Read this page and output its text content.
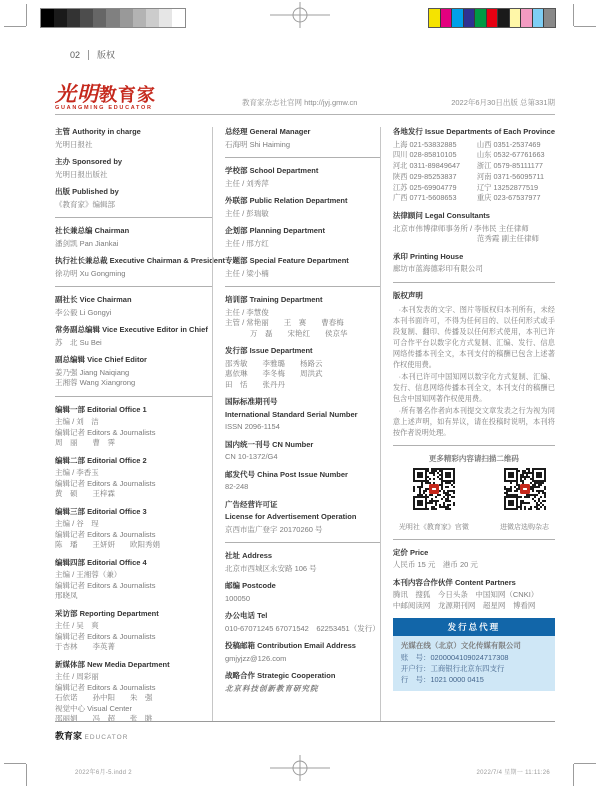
02 版权
光明 教育家
GUANGMING EDUCATOR
教育家杂志社官网 http://jyj.gmw.cn	2022年6月30日出版 总第331期
主管 Authority in charge

光明日报社

主办 Sponsored by

光明日报出版社

出版 Published by

《教育家》编辑部

社长兼总编 Chairman

潘剑凯 Pan Jiankai

执行社长兼总裁 Executive Chairman & President

徐功明 Xu Gongming

副社长 Vice Chairman

李公毅 Li Gongyi

常务副总编辑 Vice Executive Editor in Chief

苏　北 Su Bei

副总编辑 Vice Chief Editor

姜乃强 Jiang Naiqiang

王湘蓉 Wang Xiangrong

编辑一部 Editorial Office 1

主编 / 刘　洁

编辑记者 Editors & Journalists

周　丽　　曹　霁

编辑二部 Editorial Office 2

主编 / 李香玉

编辑记者 Editors & Journalists

黄　硕　　王梓霖

编辑三部 Editorial Office 3

主编 / 谷　珵

编辑记者 Editors & Journalists

陈　璠　　王妍妍　　欧阳秀娟

编辑四部 Editorial Office 4

主编 / 王湘蓉（兼）

编辑记者 Editors & Journalists

邢晓凤

采访部 Reporting Department

主任 / 吴　爽

编辑记者 Editors & Journalists

于杏林　　李英菁

新媒体部 New Media Department

主任 / 周彩丽

编辑记者 Editors & Journalists

石依诺　　孙中阳　　朱　强

视觉中心 Visual Center

邵丽娟　　冯　超　　张　眺

总经理 General Manager

石海明 Shi Haiming

学校部 School Department

主任 / 刘秀萍

外联部 Public Relation Department

主任 / 彭瑞敏

企划部 Planning Department

主任 / 邢方红

专题部 Special Feature Department

主任 / 梁小楠

培训部 Training Department

主任 / 李慧俊

主管 / 常艳丽　　王　赛　　曹春梅

万　磊　　宋艳红　　侯京华

发行部 Issue Department

邵秀敏　　李雅璐　　杨路云

惠依琳　　李冬梅　　周洪武

田　恬　　张丹丹

国际标准期刊号
International Standard Serial Number

ISSN 2096-1154

国内统一刊号 CN Number

CN 10-1372/G4

邮发代号 China Post Issue Number

82-248

广告经营许可证
License for Advertisement Operation

京西市监广登字 20170260 号

社址 Address

北京市西城区永安路 106 号

邮编 Postcode

100050

办公电话 Tel

010-67071245 67071542　62253451（发行）

投稿邮箱 Contribution Email Address

gmjyjzz@126.com

战略合作 Strategic Cooperation

北京科技创新教育研究院

各地发行 Issue Departments of Each Province
上海 021-53832885	山西 0351-2537469
四川 028-85810105	山东 0532-67761663
河北 0311-89849647	浙江 0579-85111177
陕西 029-85253837	河南 0371-56095711
江苏 025-69904779	辽宁 13252877519
广西 0771-5608653	重庆 023-67537977
法律顾问 Legal Consultants

北京市伟博律师事务所 / 李伟民 主任律师

范秀霞 副主任律师

承印 Printing House

廊坊市蓝海德彩印有限公司

版权声明

·本刊发表的文字、图片等版权归本刊所有，未经本刊书面许可，不得为任何目的、以任何形式或手段复制、翻印、传播及以任何形式使用，本刊已许可合作平台以数字化方式复制、汇编、发行、信息网络传播本刊全文，本刊支付的稿酬已包含上述著作权使用费。

·本刊已许可中国知网以数字化方式复制、汇编、发行、信息网络传播本刊全文，本刊支付的稿酬已包含中国知网著作权使用费。

·所有署名作者向本刊提交文章发表之行为视为同意上述声明，如有异议，请在投稿时说明，本刊将按作者说明处理。

更多精彩内容请扫描二维码

光明社《教育家》官微	进微店选购杂志
定价 Price

人民币 15 元　港币 20 元

本刊内容合作伙伴 Content Partners

腾讯　搜狐　今日头条　中国知网（CNKI）

中邮阅读网　龙源期刊网　超星网　博看网

发行总代理

光媒在线（北京）文化传媒有限公司

账　号： 0200004109024717308
开户行： 工商银行北京东四支行
行　号： 1021 0000 0415
教育家 EDUCATOR
2022年6月-5.indd 2	2022/7/4 星期一 11:11:26
